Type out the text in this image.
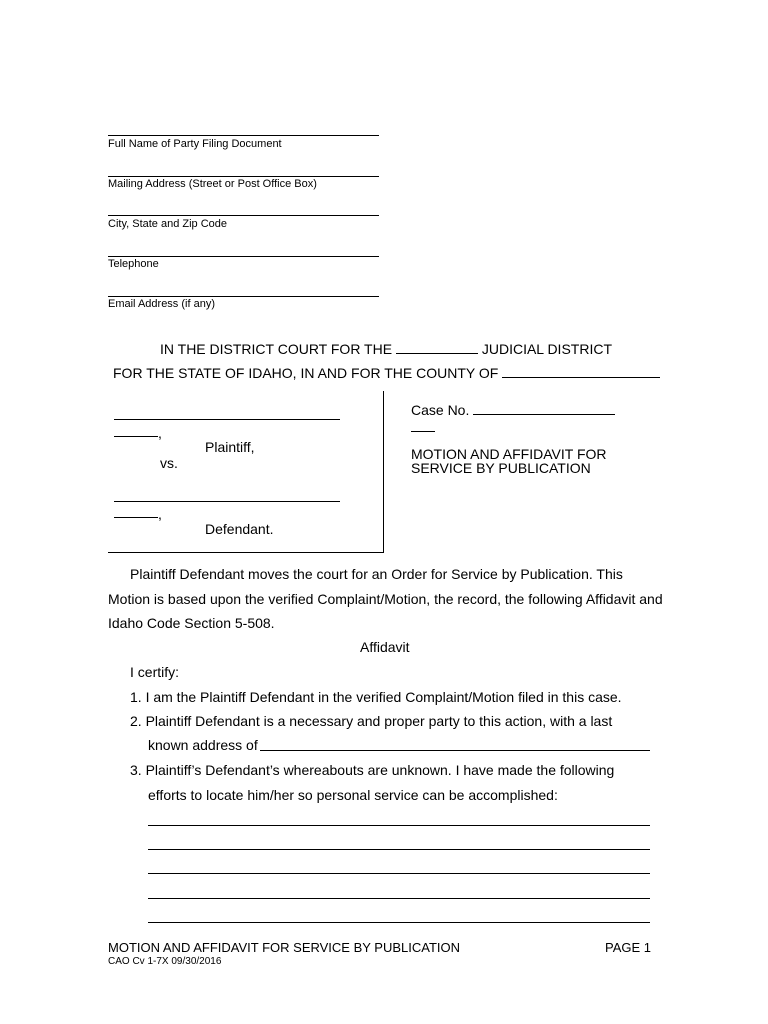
Full Name of Party Filing Document
Mailing Address (Street or Post Office Box)
City, State and Zip Code
Telephone
Email Address (if any)
IN THE DISTRICT COURT FOR THE	JUDICIAL DISTRICT
FOR THE STATE OF IDAHO, IN AND FOR THE COUNTY OF
,
Plaintiff,
vs.
,
Defendant.
Case No.
MOTION AND AFFIDAVIT FOR
SERVICE BY PUBLICATION
Plaintiff Defendant moves the court for an Order for Service by Publication. This
Motion is based upon the verified Complaint/Motion, the record, the following Affidavit and
Idaho Code Section 5-508.
Affidavit
I certify:
1. I am the Plaintiff Defendant in the verified Complaint/Motion filed in this case.
2. Plaintiff Defendant is a necessary and proper party to this action, with a last
known address of
3. Plaintiff’s Defendant’s whereabouts are unknown. I have made the following
efforts to locate him/her so personal service can be accomplished:
MOTION AND AFFIDAVIT FOR SERVICE BY PUBLICATION	PAGE 1
CAO Cv 1-7X 09/30/2016
